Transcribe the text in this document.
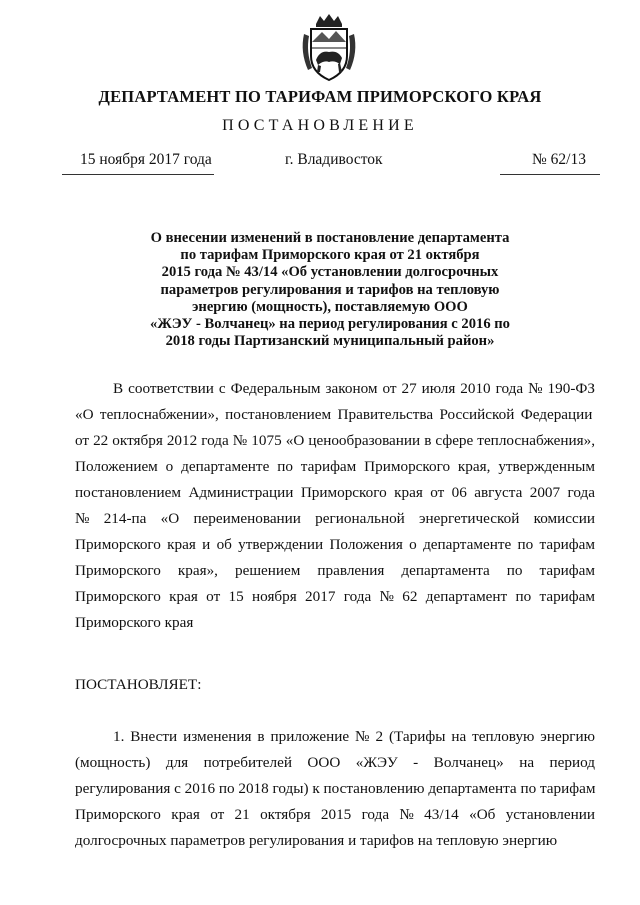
ДЕПАРТАМЕНТ ПО ТАРИФАМ ПРИМОРСКОГО КРАЯ
ПОСТАНОВЛЕНИЕ
15 ноября 2017 года	г. Владивосток	№ 62/13
О внесении изменений в постановление департамента
по тарифам Приморского края от 21 октября
2015 года № 43/14 «Об установлении долгосрочных
параметров регулирования и тарифов на тепловую
энергию (мощность), поставляемую ООО
«ЖЭУ - Волчанец» на период регулирования с 2016 по
2018 годы Партизанский муниципальный район»
В соответствии с Федеральным законом от 27 июля 2010 года № 190-ФЗ
«О теплоснабжении», постановлением Правительства Российской Федерации
от 22 октября 2012 года № 1075 «О ценообразовании в сфере теплоснабжения»,
Положением о департаменте по тарифам Приморского края, утвержденным
постановлением Администрации Приморского края от 06 августа 2007 года
№ 214-па «О переименовании региональной энергетической комиссии
Приморского края и об утверждении Положения о департаменте по тарифам
Приморского края», решением правления департамента по тарифам
Приморского края от 15 ноября 2017 года № 62 департамент по тарифам
Приморского края
ПОСТАНОВЛЯЕТ:
1. Внести изменения в приложение № 2 (Тарифы на тепловую энергию
(мощность) для потребителей ООО «ЖЭУ - Волчанец» на период
регулирования с 2016 по 2018 годы) к постановлению департамента по тарифам
Приморского края от 21 октября 2015 года № 43/14 «Об установлении
долгосрочных параметров регулирования и тарифов на тепловую энергию
